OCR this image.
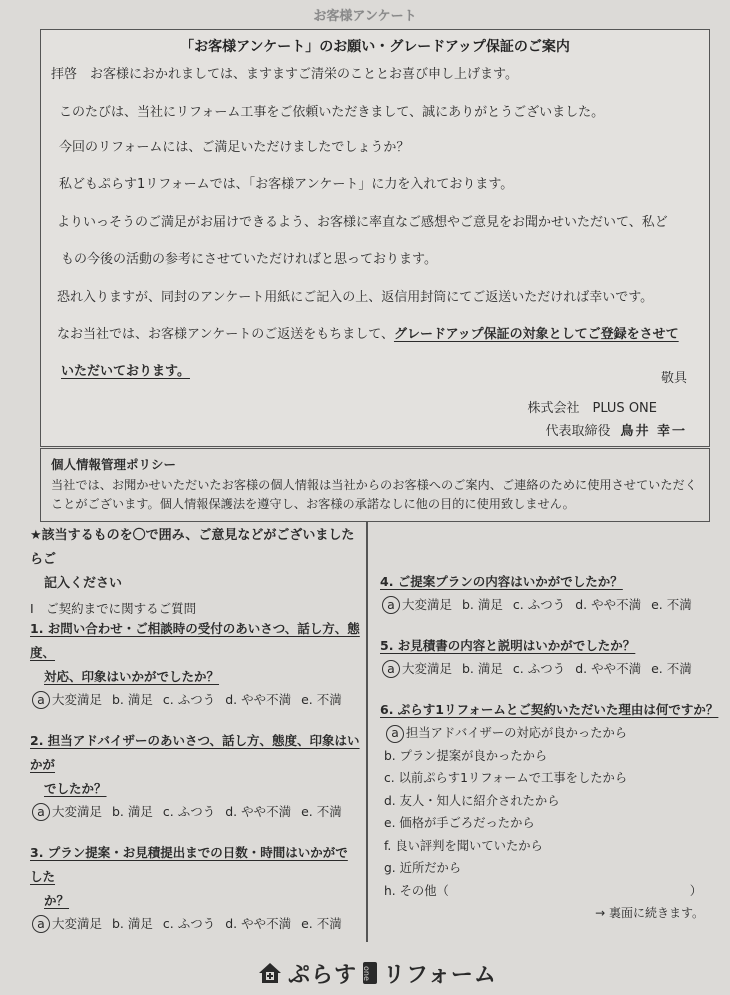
お客様アンケート
「お客様アンケート」のお願い・グレードアップ保証のご案内
拝啓　お客様におかれましては、ますますご清栄のこととお喜び申し上げます。
このたびは、当社にリフォーム工事をご依頼いただきまして、誠にありがとうございました。
今回のリフォームには、ご満足いただけましたでしょうか？
私どもぷらす1リフォームでは、「お客様アンケート」に力を入れております。
よりいっそうのご満足がお届けできるよう、お客様に率直なご感想やご意見をお聞かせいただいて、私ど
もの今後の活動の参考にさせていただければと思っております。
恐れ入りますが、同封のアンケート用紙にご記入の上、返信用封筒にてご返送いただければ幸いです。
なお当社では、お客様アンケートのご返送をもちまして、グレードアップ保証の対象としてご登録をさせて
いただいております。	敬具
株式会社　PLUS ONE
代表取締役 鳥井 幸一
個人情報管理ポリシー
当社では、お聞かせいただいたお客様の個人情報は当社からのお客様へのご案内、ご連絡のために使用させていただく
ことがございます。個人情報保護法を遵守し、お客様の承諾なしに他の目的に使用致しません。
★該当するものを〇で囲み、ご意見などがございましたらご
記入ください
Ⅰ　ご契約までに関するご質問
1. お問い合わせ・ご相談時の受付のあいさつ、話し方、態度、
対応、印象はいかがでしたか？
a 大変満足 b. 満足 c. ふつう d. やや不満 e. 不満
2. 担当アドバイザーのあいさつ、話し方、態度、印象はいかが
でしたか？
a 大変満足 b. 満足 c. ふつう d. やや不満 e. 不満
3. プラン提案・お見積提出までの日数・時間はいかがでした
か？
a 大変満足 b. 満足 c. ふつう d. やや不満 e. 不満
4. ご提案プランの内容はいかがでしたか？
a 大変満足 b. 満足 c. ふつう d. やや不満 e. 不満
5. お見積書の内容と説明はいかがでしたか？
a 大変満足 b. 満足 c. ふつう d. やや不満 e. 不満
6. ぷらす1リフォームとご契約いただいた理由は何ですか？
a 担当アドバイザーの対応が良かったから
b. プラン提案が良かったから
c. 以前ぷらす1リフォームで工事をしたから
d. 友人・知人に紹介されたから
e. 価格が手ごろだったから
f. 良い評判を聞いていたから
g. 近所だから
h. その他（	）
→ 裏面に続きます。
ぷらす one リフォーム
